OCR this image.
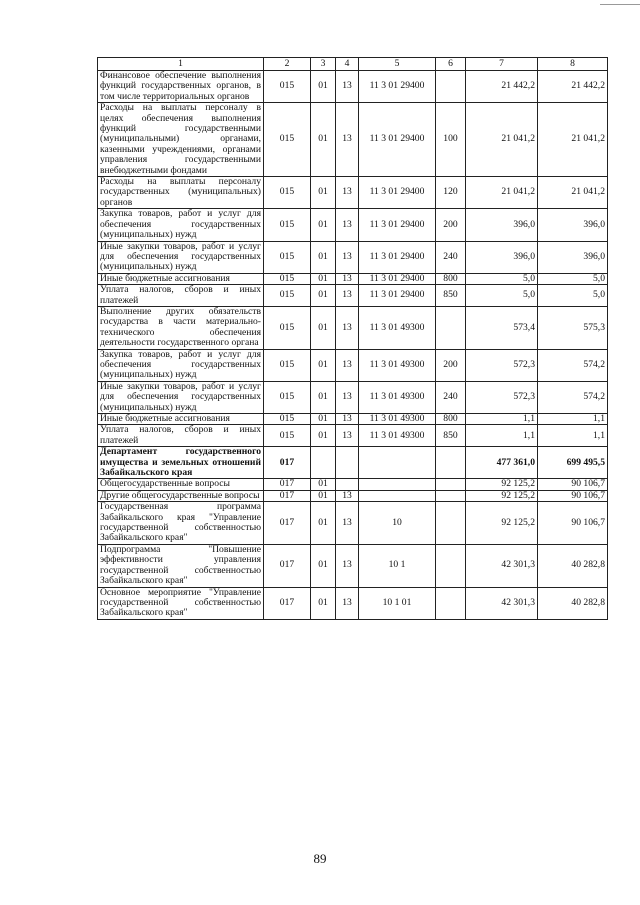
1	2	3	4	5	6	7	8
Финансовое обеспечение выполнения функций государственных органов, в том числе территориальных органов	015	01	13	11 3 01 29400		21 442,2	21 442,2
Расходы на выплаты персоналу в целях обеспечения выполнения функций государственными (муниципальными) органами, казенными учреждениями, органами управления государственными внебюджетными фондами	015	01	13	11 3 01 29400	100	21 041,2	21 041,2
Расходы на выплаты персоналу государственных (муниципальных) органов	015	01	13	11 3 01 29400	120	21 041,2	21 041,2
Закупка товаров, работ и услуг для обеспечения государственных (муниципальных) нужд	015	01	13	11 3 01 29400	200	396,0	396,0
Иные закупки товаров, работ и услуг для обеспечения государственных (муниципальных) нужд	015	01	13	11 3 01 29400	240	396,0	396,0
Иные бюджетные ассигнования	015	01	13	11 3 01 29400	800	5,0	5,0
Уплата налогов, сборов и иных платежей	015	01	13	11 3 01 29400	850	5,0	5,0
Выполнение других обязательств государства в части материально-технического обеспечения деятельности государственного органа	015	01	13	11 3 01 49300		573,4	575,3
Закупка товаров, работ и услуг для обеспечения государственных (муниципальных) нужд	015	01	13	11 3 01 49300	200	572,3	574,2
Иные закупки товаров, работ и услуг для обеспечения государственных (муниципальных) нужд	015	01	13	11 3 01 49300	240	572,3	574,2
Иные бюджетные ассигнования	015	01	13	11 3 01 49300	800	1,1	1,1
Уплата налогов, сборов и иных платежей	015	01	13	11 3 01 49300	850	1,1	1,1
Департамент государственного имущества и земельных отношений Забайкальского края	017					477 361,0	699 495,5
Общегосударственные вопросы	017	01				92 125,2	90 106,7
Другие общегосударственные вопросы	017	01	13			92 125,2	90 106,7
Государственная программа Забайкальского края "Управление государственной собственностью Забайкальского края"	017	01	13	10		92 125,2	90 106,7
Подпрограмма "Повышение эффективности управления государственной собственностью Забайкальского края"	017	01	13	10 1		42 301,3	40 282,8
Основное мероприятие "Управление государственной собственностью Забайкальского края"	017	01	13	10 1 01		42 301,3	40 282,8
89
